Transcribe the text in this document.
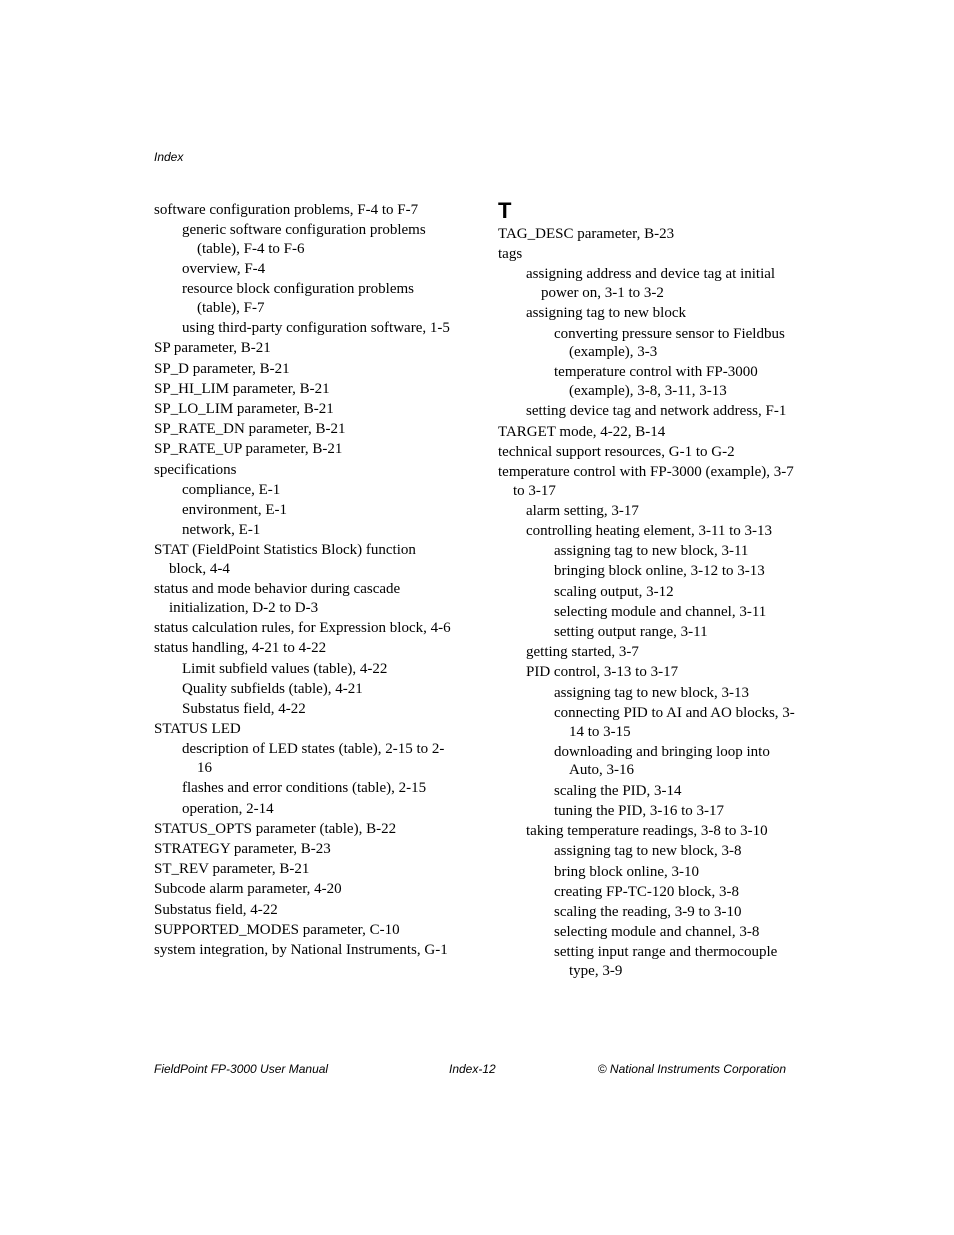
Index
software configuration problems, F-4 to F-7
generic software configuration problems (table), F-4 to F-6
overview, F-4
resource block configuration problems (table), F-7
using third-party configuration software, 1-5
SP parameter, B-21
SP_D parameter, B-21
SP_HI_LIM parameter, B-21
SP_LO_LIM parameter, B-21
SP_RATE_DN parameter, B-21
SP_RATE_UP parameter, B-21
specifications
compliance, E-1
environment, E-1
network, E-1
STAT (FieldPoint Statistics Block) function block, 4-4
status and mode behavior during cascade initialization, D-2 to D-3
status calculation rules, for Expression block, 4-6
status handling, 4-21 to 4-22
Limit subfield values (table), 4-22
Quality subfields (table), 4-21
Substatus field, 4-22
STATUS LED
description of LED states (table), 2-15 to 2-16
flashes and error conditions (table), 2-15
operation, 2-14
STATUS_OPTS parameter (table), B-22
STRATEGY parameter, B-23
ST_REV parameter, B-21
Subcode alarm parameter, 4-20
Substatus field, 4-22
SUPPORTED_MODES parameter, C-10
system integration, by National Instruments, G-1
T
TAG_DESC parameter, B-23
tags
assigning address and device tag at initial power on, 3-1 to 3-2
assigning tag to new block
converting pressure sensor to Fieldbus (example), 3-3
temperature control with FP-3000 (example), 3-8, 3-11, 3-13
setting device tag and network address, F-1
TARGET mode, 4-22, B-14
technical support resources, G-1 to G-2
temperature control with FP-3000 (example), 3-7 to 3-17
alarm setting, 3-17
controlling heating element, 3-11 to 3-13
assigning tag to new block, 3-11
bringing block online, 3-12 to 3-13
scaling output, 3-12
selecting module and channel, 3-11
setting output range, 3-11
getting started, 3-7
PID control, 3-13 to 3-17
assigning tag to new block, 3-13
connecting PID to AI and AO blocks, 3-14 to 3-15
downloading and bringing loop into Auto, 3-16
scaling the PID, 3-14
tuning the PID, 3-16 to 3-17
taking temperature readings, 3-8 to 3-10
assigning tag to new block, 3-8
bring block online, 3-10
creating FP-TC-120 block, 3-8
scaling the reading, 3-9 to 3-10
selecting module and channel, 3-8
setting input range and thermocouple type, 3-9
FieldPoint FP-3000 User Manual	Index-12	© National Instruments Corporation
